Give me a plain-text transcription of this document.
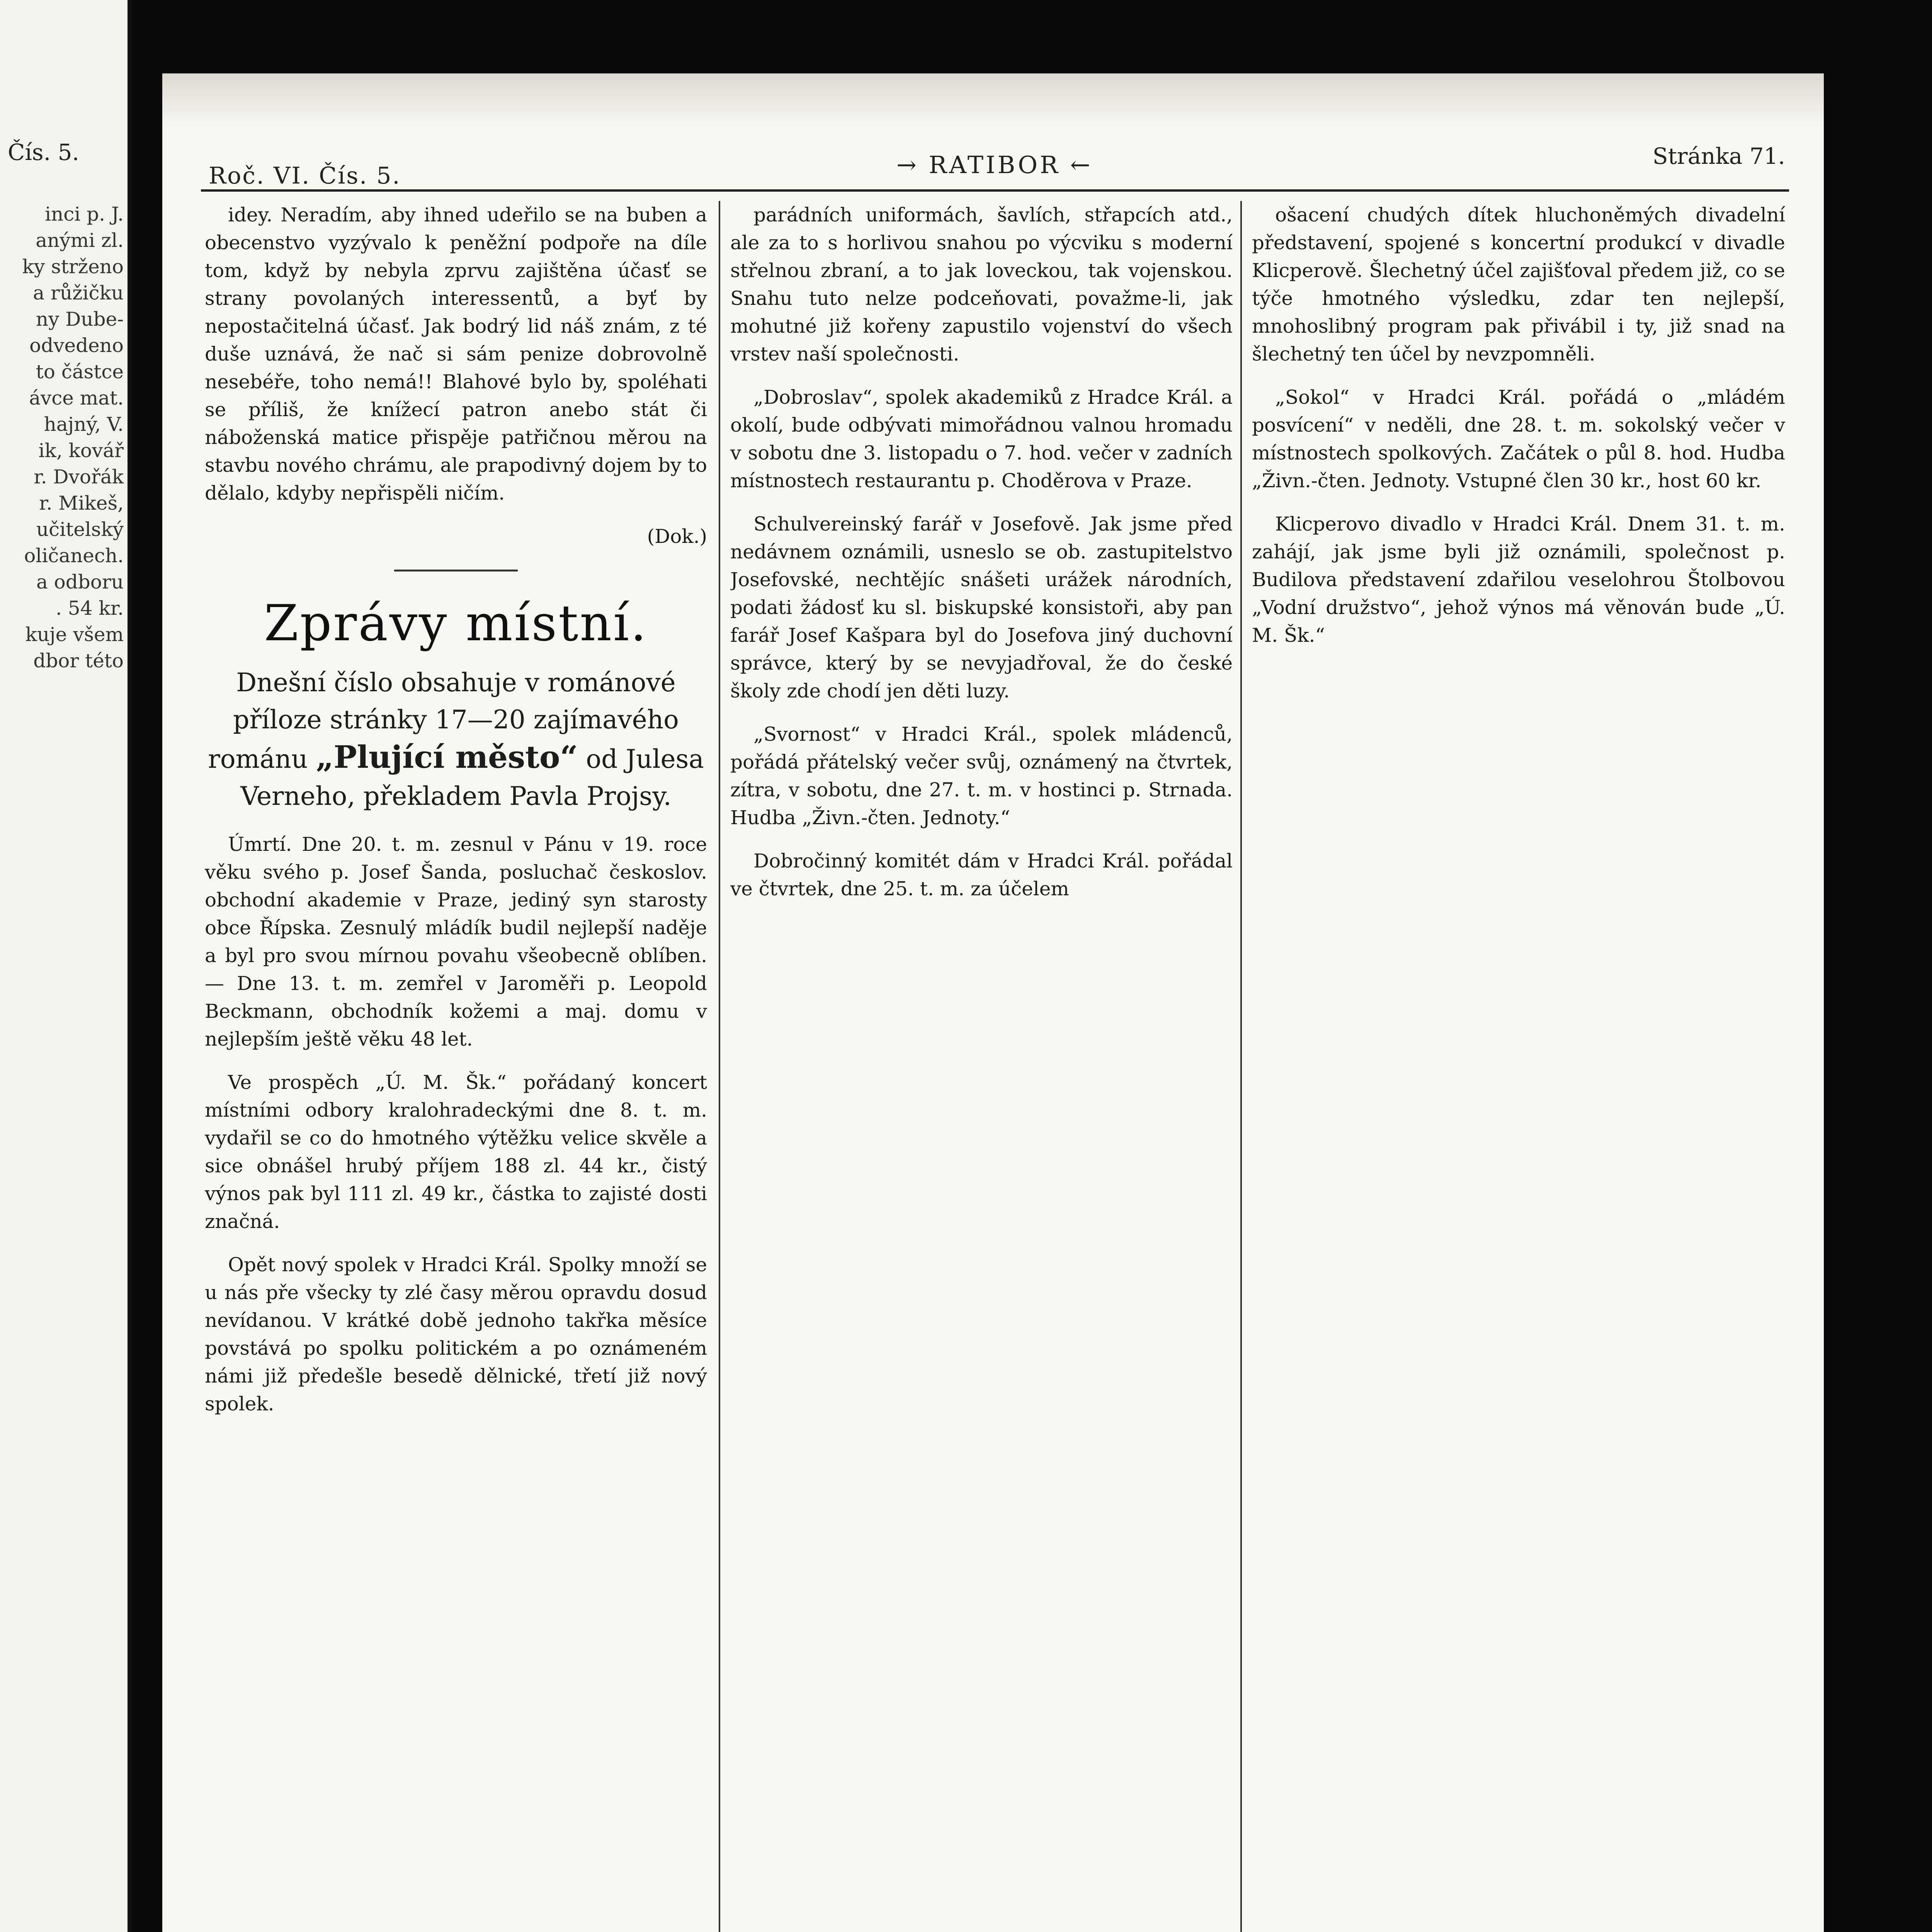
Čís. 5.
inci p. J.
anými zl.
ky strženo
a růžičku
ny Dube-
odvedeno
to částce
ávce mat.
hajný, V.
ik, kovář
r. Dvořák
r. Mikeš,
učitelský
oličanech.
a odboru
. 54 kr.
kuje všem
dbor této
Roč. VI. Čís. 5.	→ RATIBOR ←	Stránka 71.

idey. Neradím, aby ihned udeřilo se na buben a obecenstvo vyzývalo k peněžní podpoře na díle tom, když by nebyla zprvu zajištěna účasť se strany povolaných interessentů, a byť by nepostačitelná účasť. Jak bodrý lid náš znám, z té duše uznává, že nač si sám penize dobrovolně nesebéře, toho nemá!! Blahové bylo by, spoléhati se příliš, že knížecí patron anebo stát či náboženská matice přispěje patřičnou měrou na stavbu nového chrámu, ale prapodivný dojem by to dělalo, kdyby nepřispěli ničím.

(Dok.)
Zprávy místní.
Dnešní číslo obsahuje v románové příloze stránky 17—20 zajímavého románu „Plující město“ od Julesa Verneho, překladem Pavla Projsy.

Úmrtí. Dne 20. t. m. zesnul v Pánu v 19. roce věku svého p. Josef Šanda, posluchač českoslov. obchodní akademie v Praze, jediný syn starosty obce Řípska. Zesnulý mládík budil nejlepší naděje a byl pro svou mírnou povahu všeobecně oblíben. — Dne 13. t. m. zemřel v Jaroměři p. Leopold Beckmann, obchodník kožemi a maj. domu v nejlepším ještě věku 48 let.

Ve prospěch „Ú. M. Šk.“ pořádaný koncert místními odbory kralohradeckými dne 8. t. m. vydařil se co do hmotného výtěžku velice skvěle a sice obnášel hrubý příjem 188 zl. 44 kr., čistý výnos pak byl 111 zl. 49 kr., částka to zajisté dosti značná.

Opět nový spolek v Hradci Král. Spolky množí se u nás pře všecky ty zlé časy měrou opravdu dosud nevídanou. V krátké době jednoho takřka měsíce povstává po spolku politickém a po oznámeném námi již předešle besedě dělnické, třetí již nový spolek.

parádních uniformách, šavlích, střapcích atd., ale za to s horlivou snahou po výcviku s moderní střelnou zbraní, a to jak loveckou, tak vojenskou. Snahu tuto nelze podceňovati, považme-li, jak mohutné již kořeny zapustilo vojenství do všech vrstev naší společnosti.

„Dobroslav“, spolek akademiků z Hradce Král. a okolí, bude odbývati mimořádnou valnou hromadu v sobotu dne 3. listopadu o 7. hod. večer v zadních místnostech restaurantu p. Choděrova v Praze.

Schulvereinský farář v Josefově. Jak jsme před nedávnem oznámili, usneslo se ob. zastupitelstvo Josefovské, nechtějíc snášeti urážek národních, podati žádosť ku sl. biskupské konsistoři, aby pan farář Josef Kašpara byl do Josefova jiný duchovní správce, který by se nevyjadřoval, že do české školy zde chodí jen děti luzy.

„Svornost“ v Hradci Král., spolek mládenců, pořádá přátelský večer svůj, oznámený na čtvrtek, zítra, v sobotu, dne 27. t. m. v hostinci p. Strnada. Hudba „Živn.-čten. Jednoty.“

Dobročinný komitét dám v Hradci Král. pořádal ve čtvrtek, dne 25. t. m. za účelem

ošacení chudých dítek hluchoněmých divadelní představení, spojené s koncertní produkcí v divadle Klicperově. Šlechetný účel zajišťoval předem již, co se týče hmotného výsledku, zdar ten nejlepší, mnohoslibný program pak přivábil i ty, již snad na šlechetný ten účel by nevzpomněli.

„Sokol“ v Hradci Král. pořádá o „mládém posvícení“ v neděli, dne 28. t. m. sokolský večer v místnostech spolkových. Začátek o půl 8. hod. Hudba „Živn.-čten. Jednoty. Vstupné člen 30 kr., host 60 kr.

Klicperovo divadlo v Hradci Král. Dnem 31. t. m. zahájí, jak jsme byli již oznámili, společnost p. Budilova představení zdařilou veselohrou Štolbovou „Vodní družstvo“, jehož výnos má věnován bude „Ú. M. Šk.“
